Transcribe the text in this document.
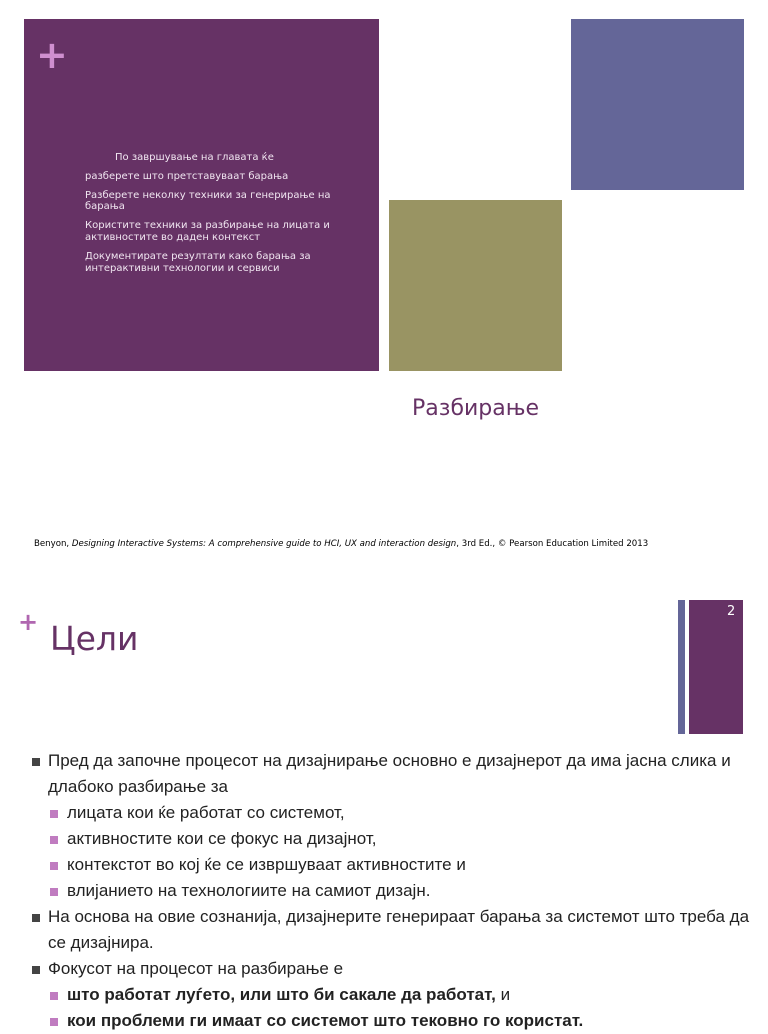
+
По завршување на главата ќе
разберете што претставуваат барања
Разберете неколку техники за генерирање на барања
Користите техники за разбирање на лицата и активностите во даден контекст
Документирате резултати како барања за интерактивни технологии и сервиси
Разбирање
Benyon, Designing Interactive Systems: A comprehensive guide to HCI, UX and interaction design, 3rd Ed., © Pearson Education Limited 2013
+ Цели
2
Пред да започне процесот на дизајнирање основно е дизајнерот да има јасна слика и длабоко разбирање за
лицата кои ќе работат со системот,
активностите кои се фокус на дизајнот,
контекстот во кој ќе се извршуваат активностите и
влијанието на технологиите на самиот дизајн.
На основа на овие сознанија, дизајнерите генерираат барања за системот што треба да се дизајнира.
Фокусот на процесот на разбирање е
што работат луѓето, или што би сакале да работат, и
кои проблеми ги имаат со системот што тековно го користат.
